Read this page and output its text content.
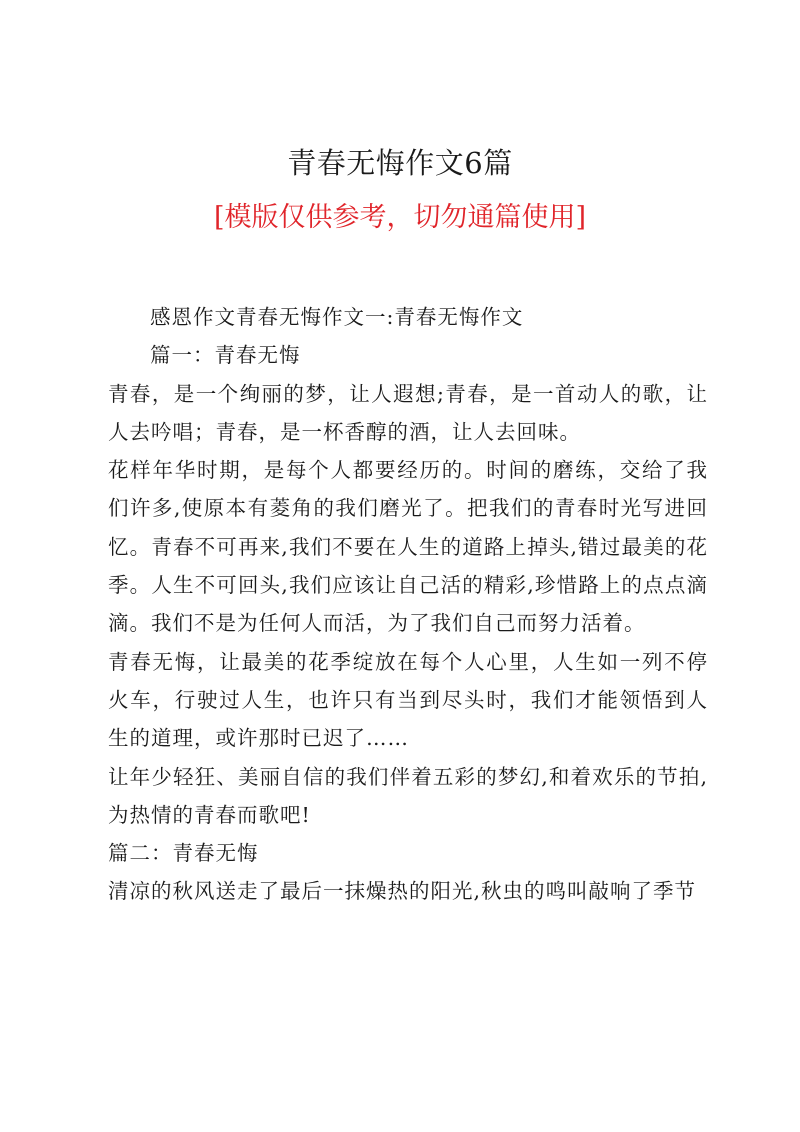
青春无悔作文6篇
[模版仅供参考，切勿通篇使用]

感恩作文青春无悔作文一:青春无悔作文

篇一：青春无悔

青春，是一个绚丽的梦，让人遐想;青春，是一首动人的歌，让人去吟唱；青春，是一杯香醇的酒，让人去回味。

花样年华时期，是每个人都要经历的。时间的磨练，交给了我们许多,使原本有菱角的我们磨光了。把我们的青春时光写进回忆。青春不可再来,我们不要在人生的道路上掉头,错过最美的花季。人生不可回头,我们应该让自己活的精彩,珍惜路上的点点滴滴。我们不是为任何人而活，为了我们自己而努力活着。

青春无悔，让最美的花季绽放在每个人心里，人生如一列不停火车，行驶过人生，也许只有当到尽头时，我们才能领悟到人生的道理，或许那时已迟了……

让年少轻狂、美丽自信的我们伴着五彩的梦幻,和着欢乐的节拍,为热情的青春而歌吧!

篇二：青春无悔

清凉的秋风送走了最后一抹燥热的阳光,秋虫的鸣叫敲响了季节
